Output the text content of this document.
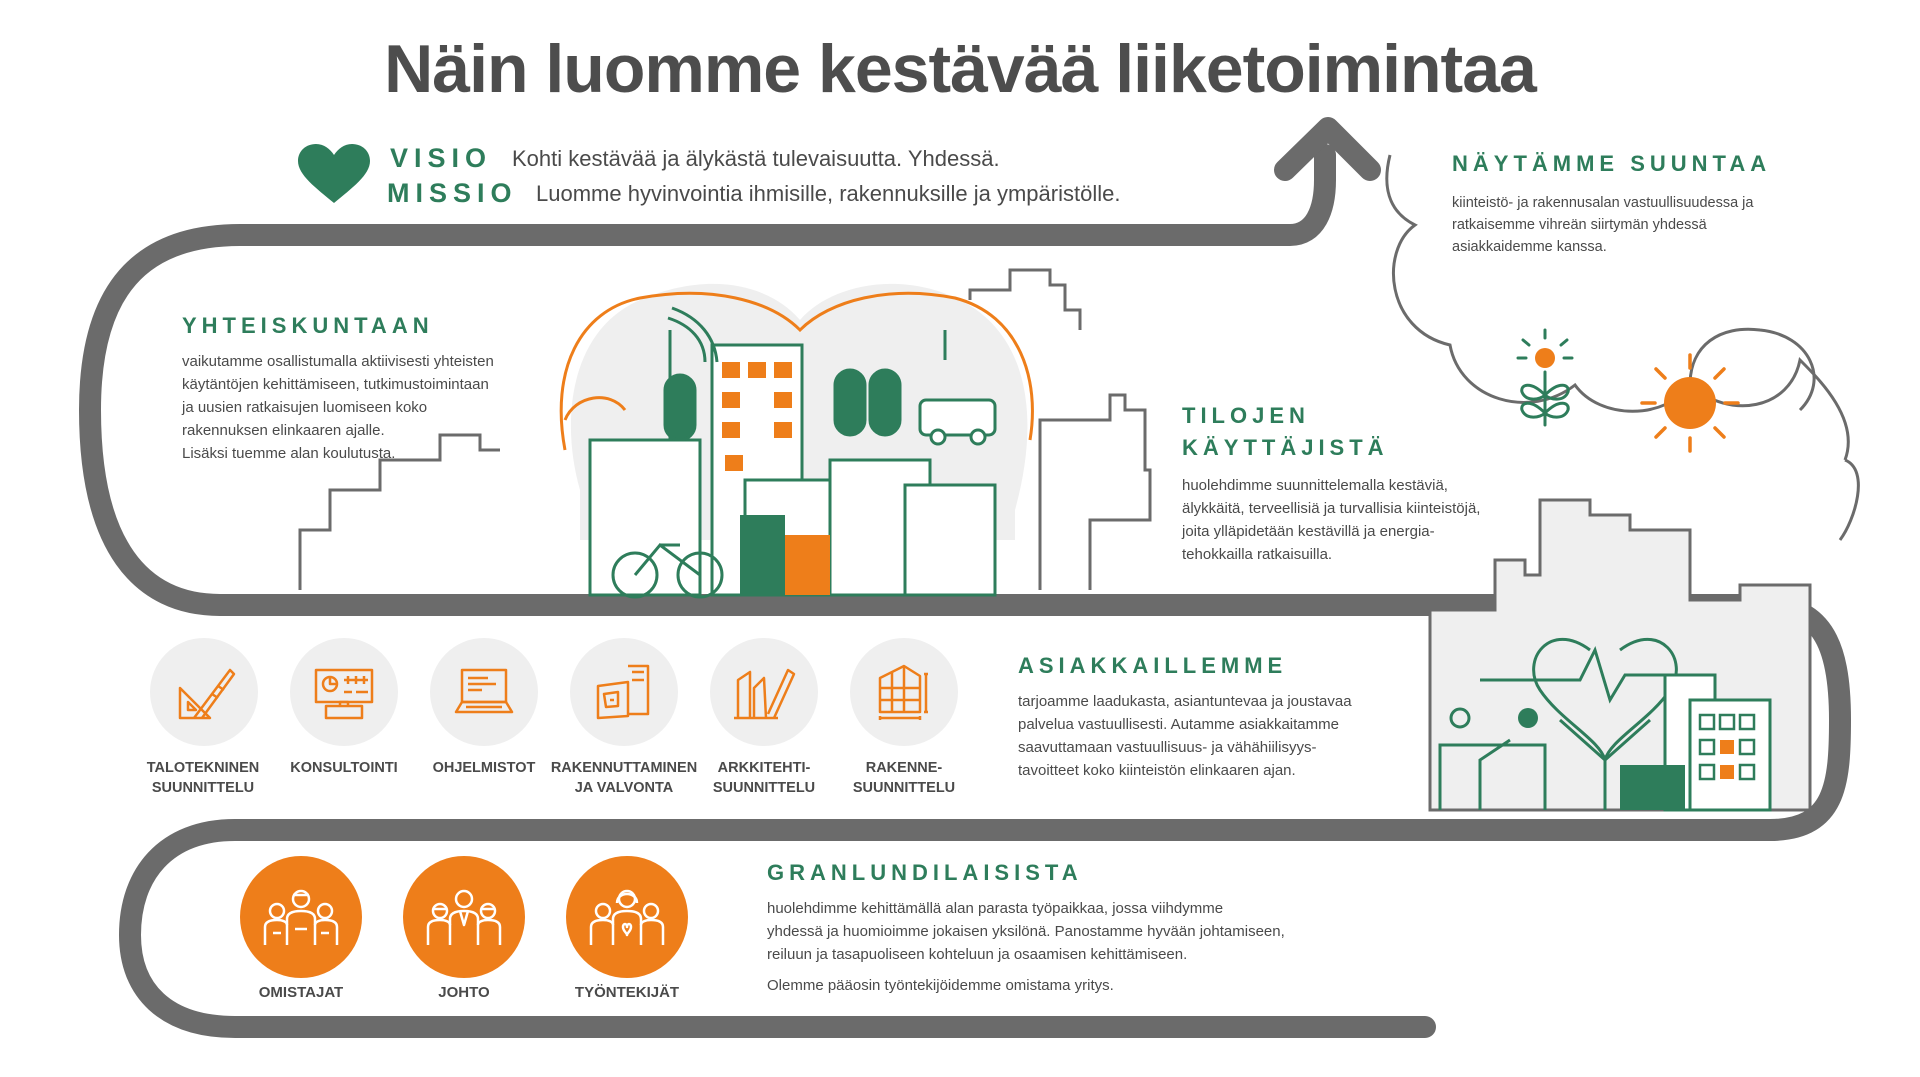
Näin luomme kestävää liiketoimintaa
VISIO Kohti kestävää ja älykästä tulevaisuutta. Yhdessä.
MISSIO Luomme hyvinvointia ihmisille, rakennuksille ja ympäristölle.
NÄYTÄMME SUUNTAA
kiinteistö- ja rakennusalan vastuullisuudessa ja
ratkaisemme vihreän siirtymän yhdessä
asiakkaidemme kanssa.
YHTEISKUNTAAN
vaikutamme osallistumalla aktiivisesti yhteisten
käytäntöjen kehittämiseen, tutkimustoimintaan
ja uusien ratkaisujen luomiseen koko
rakennuksen elinkaaren ajalle.
Lisäksi tuemme alan koulutusta.
TILOJEN
KÄYTTÄJISTÄ
huolehdimme suunnittelemalla kestäviä,
älykkäitä, terveellisiä ja turvallisia kiinteistöjä,
joita ylläpidetään kestävillä ja energia-
tehokkailla ratkaisuilla.
TALOTEKNINEN
SUUNNITTELU
KONSULTOINTI	OHJELMISTOT	RAKENNUTTAMINEN
JA VALVONTA
ARKKITEHTI-
SUUNNITTELU
RAKENNE-
SUUNNITTELU
ASIAKKAILLEMME
tarjoamme laadukasta, asiantuntevaa ja joustavaa
palvelua vastuullisesti. Autamme asiakkaitamme
saavuttamaan vastuullisuus- ja vähähiilisyys-
tavoitteet koko kiinteistön elinkaaren ajan.
OMISTAJAT	JOHTO	TYÖNTEKIJÄT
GRANLUNDILAISISTA
huolehdimme kehittämällä alan parasta työpaikkaa, jossa viihdymme
yhdessä ja huomioimme jokaisen yksilönä. Panostamme hyvään johtamiseen,
reiluun ja tasapuoliseen kohteluun ja osaamisen kehittämiseen.
Olemme pääosin työntekijöidemme omistama yritys.
